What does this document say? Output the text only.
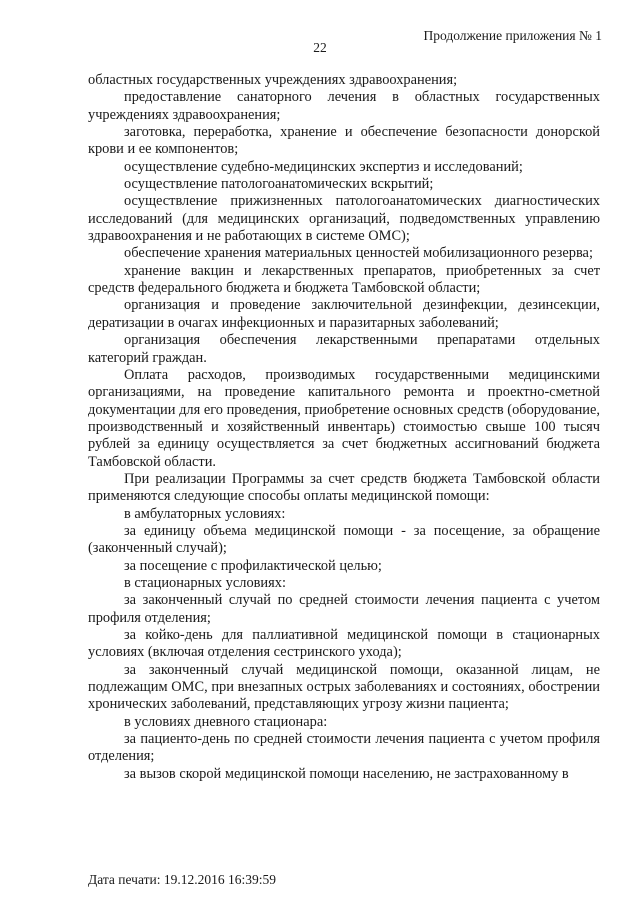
Продолжение приложения № 1
22

областных государственных учреждениях здравоохранения;

предоставление санаторного лечения в областных государственных учреждениях здравоохранения;

заготовка, переработка, хранение и обеспечение безопасности донорской крови и ее компонентов;

осуществление судебно-медицинских экспертиз и исследований;

осуществление патологоанатомических вскрытий;

осуществление прижизненных патологоанатомических диагностических исследований (для медицинских организаций, подведомственных управлению здравоохранения и не работающих в системе ОМС);

обеспечение хранения материальных ценностей мобилизационного резерва;

хранение вакцин и лекарственных препаратов, приобретенных за счет средств федерального бюджета и бюджета Тамбовской области;

организация и проведение заключительной дезинфекции, дезинсекции, дератизации в очагах инфекционных и паразитарных заболеваний;

организация обеспечения лекарственными препаратами отдельных категорий граждан.

Оплата расходов, производимых государственными медицинскими организациями, на проведение капитального ремонта и проектно-сметной документации для его проведения, приобретение основных средств (оборудование, производственный и хозяйственный инвентарь) стоимостью свыше 100 тысяч рублей за единицу осуществляется за счет бюджетных ассигнований бюджета Тамбовской области.

При реализации Программы за счет средств бюджета Тамбовской области применяются следующие способы оплаты медицинской помощи:

в амбулаторных условиях:

за единицу объема медицинской помощи - за посещение, за обращение (законченный случай);

за посещение с профилактической целью;

в стационарных условиях:

за законченный случай по средней стоимости лечения пациента с учетом профиля отделения;

за койко-день для паллиативной медицинской помощи в стационарных условиях (включая отделения сестринского ухода);

за законченный случай медицинской помощи, оказанной лицам, не подлежащим ОМС, при внезапных острых заболеваниях и состояниях, обострении хронических заболеваний, представляющих угрозу жизни пациента;

в условиях дневного стационара:

за пациенто-день по средней стоимости лечения пациента с учетом профиля отделения;

за вызов скорой медицинской помощи населению, не застрахованному в

Дата печати: 19.12.2016 16:39:59
